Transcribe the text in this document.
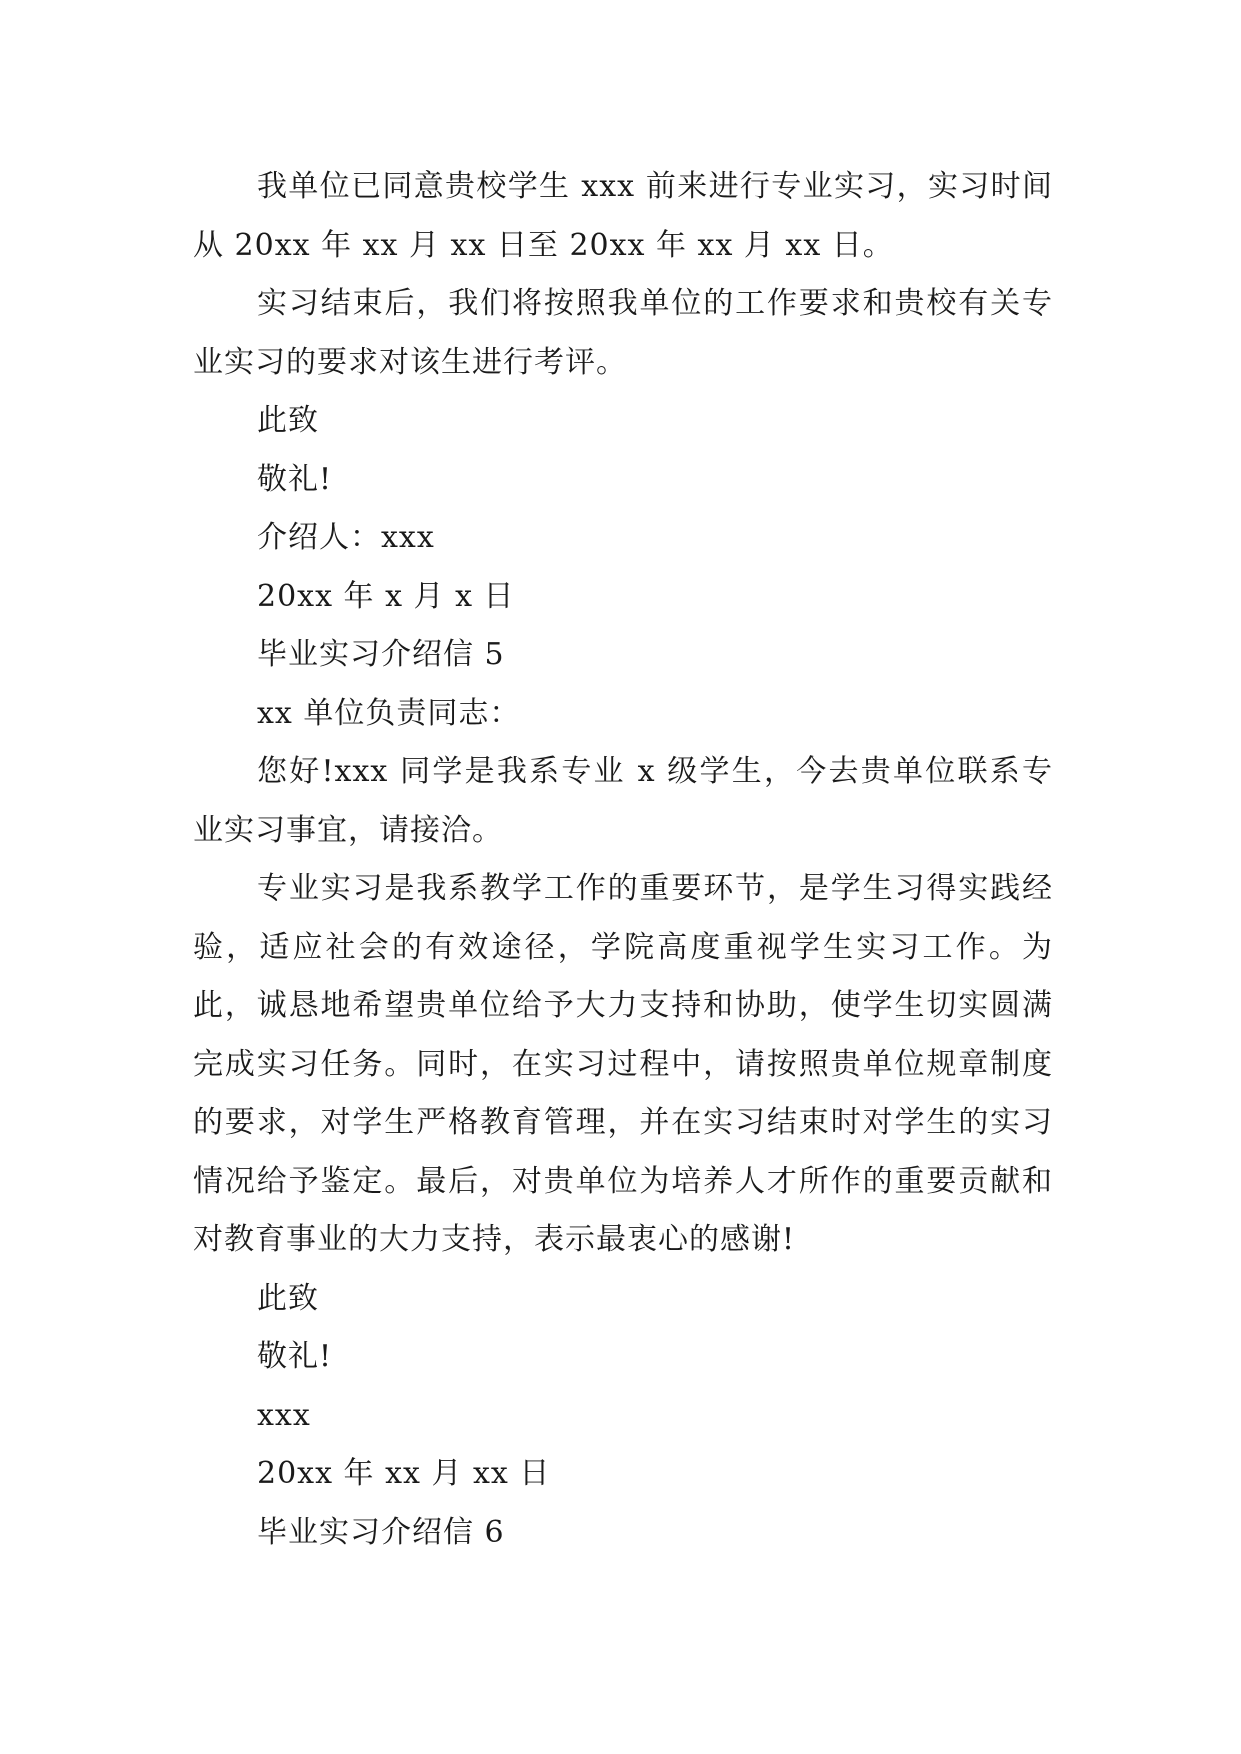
我单位已同意贵校学生 xxx 前来进行专业实习，实习时间从 20xx 年 xx 月 xx 日至 20xx 年 xx 月 xx 日。

实习结束后，我们将按照我单位的工作要求和贵校有关专业实习的要求对该生进行考评。

此致

敬礼!

介绍人：xxx

20xx 年 x 月 x 日

毕业实习介绍信 5

xx 单位负责同志：

您好!xxx 同学是我系专业 x 级学生，今去贵单位联系专业实习事宜，请接洽。

专业实习是我系教学工作的重要环节，是学生习得实践经验，适应社会的有效途径，学院高度重视学生实习工作。为此，诚恳地希望贵单位给予大力支持和协助，使学生切实圆满完成实习任务。同时，在实习过程中，请按照贵单位规章制度的要求，对学生严格教育管理，并在实习结束时对学生的实习情况给予鉴定。最后，对贵单位为培养人才所作的重要贡献和对教育事业的大力支持，表示最衷心的感谢!

此致

敬礼!

xxx

20xx 年 xx 月 xx 日

毕业实习介绍信 6
